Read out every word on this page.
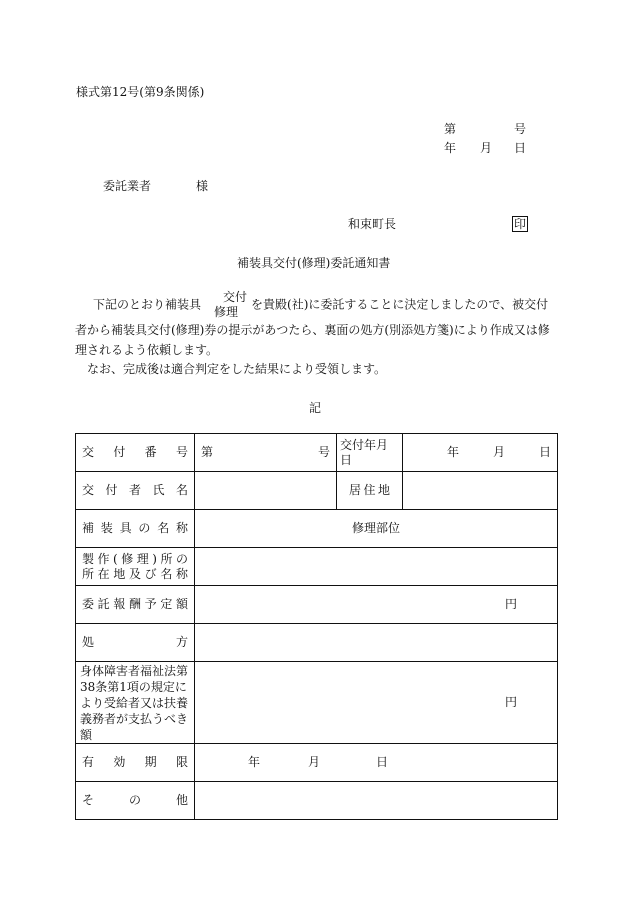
様式第12号(第9条関係)
第	号
年 月 日
委託業者	様
和束町長	印
補装具交付(修理)委託通知書
下記のとおり補装具交付
修理を貴殿(社)に委託することに決定しましたので、被交付者から補装具交付(修理)券の提示があつたら、裏面の処方(別添処方箋)により作成又は修理されるよう依頼します。
なお、完成後は適合判定をした結果により受領します。
記
交付番号	第 号	交付年月日	年 月 日

交付者氏名		居住地	
補装具の名称	修理部位		

製作(修理)所の
所在地及び名称			

委託報酬予定額	円		
処方			
身体障害者福祉法第38条第1項の規定により受給者又は扶養義務者が支払うべき額	円		
有効期限	年 月 日		
その他			
